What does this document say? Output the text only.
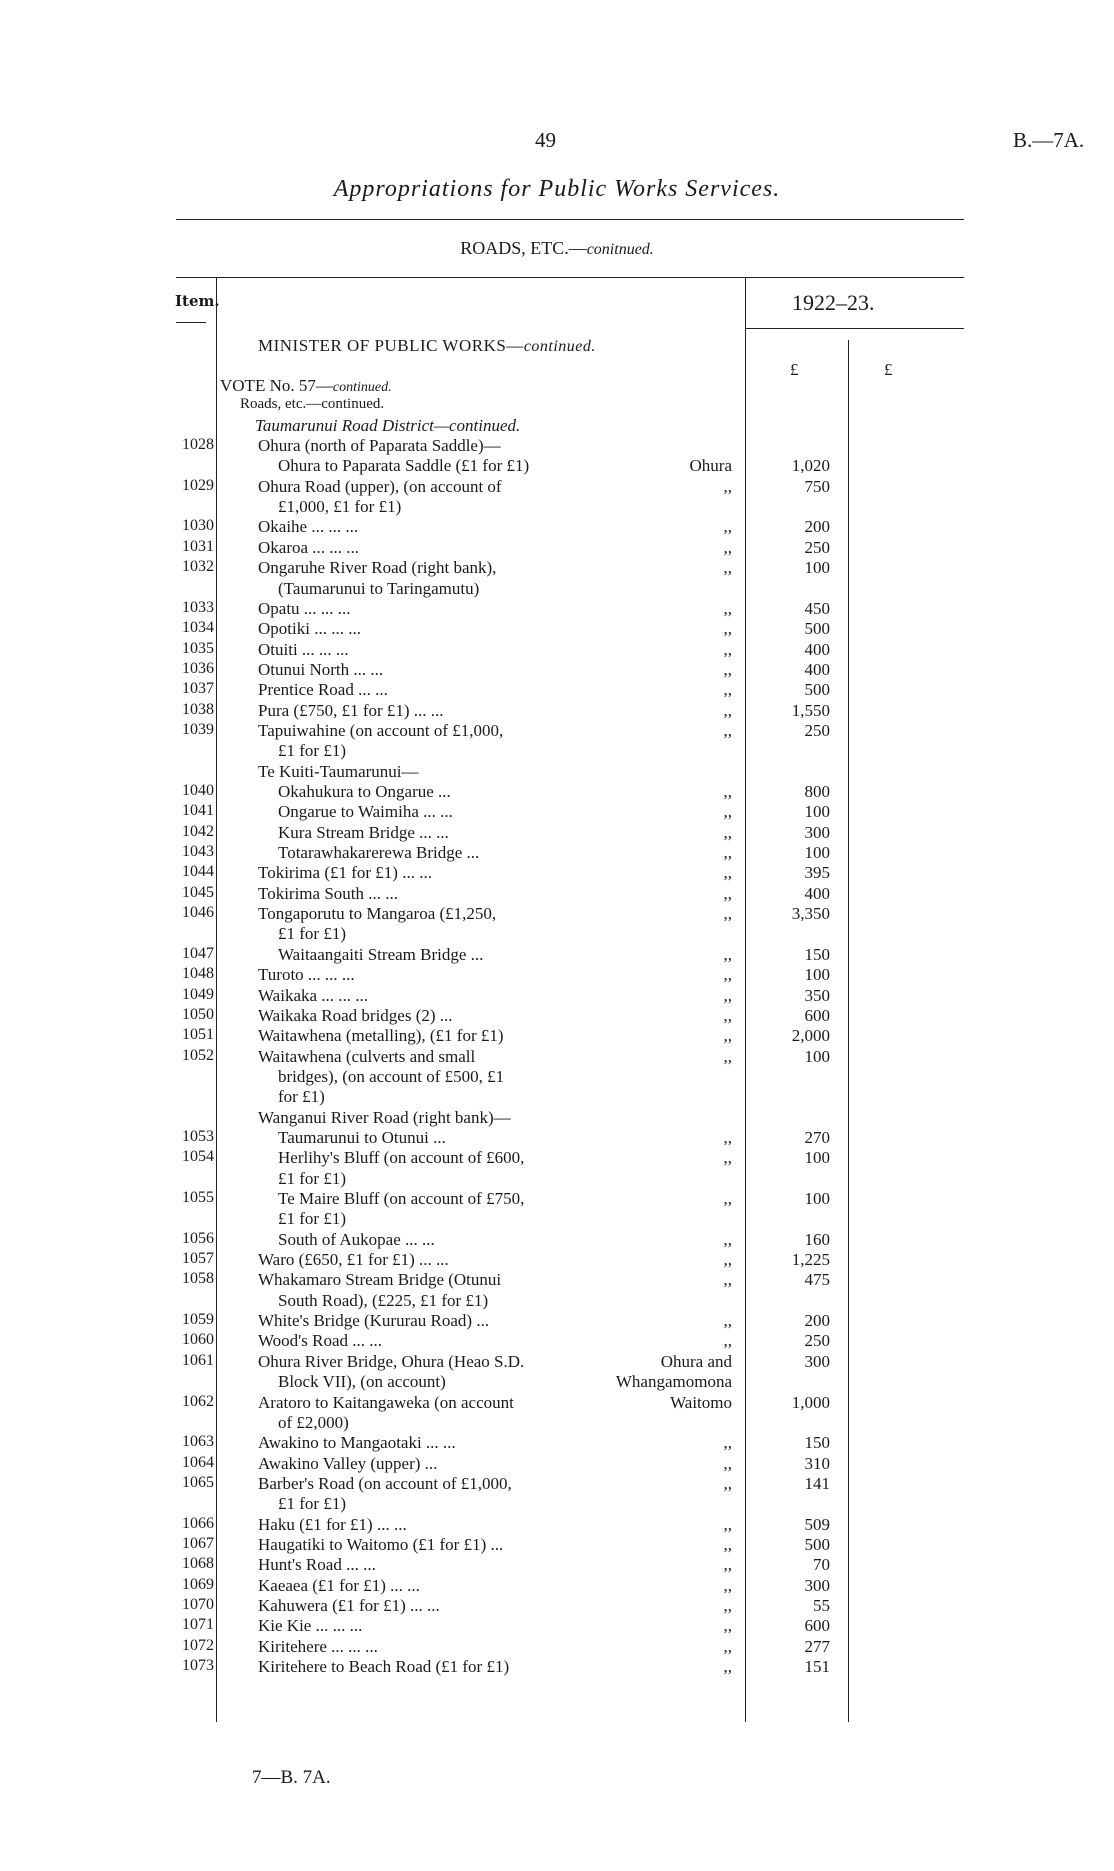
49	B.—7A.
Appropriations for Public Works Services.
ROADS, ETC.—conitnued.
Item.	1922–23.
MINISTER OF PUBLIC WORKS—continued.
£	£
VOTE No. 57—continued.
Roads, etc.—continued.
Taumarunui Road District—continued.
1028	Ohura (north of Paparata Saddle)—
Ohura to Paparata Saddle (£1 for £1)	Ohura	1,020
1029	Ohura Road (upper), (on account of	,,	750
£1,000, £1 for £1)
1030	Okaihe ... ... ...	,,	200
1031	Okaroa ... ... ...	,,	250
1032	Ongaruhe River Road (right bank),	,,	100
(Taumarunui to Taringamutu)
1033	Opatu ... ... ...	,,	450
1034	Opotiki ... ... ...	,,	500
1035	Otuiti ... ... ...	,,	400
1036	Otunui North ... ...	,,	400
1037	Prentice Road ... ...	,,	500
1038	Pura (£750, £1 for £1) ... ...	,,	1,550
1039	Tapuiwahine (on account of £1,000,	,,	250
£1 for £1)
Te Kuiti-Taumarunui—
1040	Okahukura to Ongarue ...	,,	800
1041	Ongarue to Waimiha ... ...	,,	100
1042	Kura Stream Bridge ... ...	,,	300
1043	Totarawhakarerewa Bridge ...	,,	100
1044	Tokirima (£1 for £1) ... ...	,,	395
1045	Tokirima South ... ...	,,	400
1046	Tongaporutu to Mangaroa (£1,250,	,,	3,350
£1 for £1)
1047	Waitaangaiti Stream Bridge ...	,,	150
1048	Turoto ... ... ...	,,	100
1049	Waikaka ... ... ...	,,	350
1050	Waikaka Road bridges (2) ...	,,	600
1051	Waitawhena (metalling), (£1 for £1)	,,	2,000
1052	Waitawhena (culverts and small	,,	100
bridges), (on account of £500, £1
for £1)
Wanganui River Road (right bank)—
1053	Taumarunui to Otunui ...	,,	270
1054	Herlihy's Bluff (on account of £600,	,,	100
£1 for £1)
1055	Te Maire Bluff (on account of £750,	,,	100
£1 for £1)
1056	South of Aukopae ... ...	,,	160
1057	Waro (£650, £1 for £1) ... ...	,,	1,225
1058	Whakamaro Stream Bridge (Otunui	,,	475
South Road), (£225, £1 for £1)
1059	White's Bridge (Kururau Road) ...	,,	200
1060	Wood's Road ... ...	,,	250
1061	Ohura River Bridge, Ohura (Heao S.D.	Ohura and	300
Block VII), (on account)	Whangamomona
1062	Aratoro to Kaitangaweka (on account	Waitomo	1,000
of £2,000)
1063	Awakino to Mangaotaki ... ...	,,	150
1064	Awakino Valley (upper) ...	,,	310
1065	Barber's Road (on account of £1,000,	,,	141
£1 for £1)
1066	Haku (£1 for £1) ... ...	,,	509
1067	Haugatiki to Waitomo (£1 for £1) ...	,,	500
1068	Hunt's Road ... ...	,,	70
1069	Kaeaea (£1 for £1) ... ...	,,	300
1070	Kahuwera (£1 for £1) ... ...	,,	55
1071	Kie Kie ... ... ...	,,	600
1072	Kiritehere ... ... ...	,,	277
1073	Kiritehere to Beach Road (£1 for £1)	,,	151
7—B. 7A.
